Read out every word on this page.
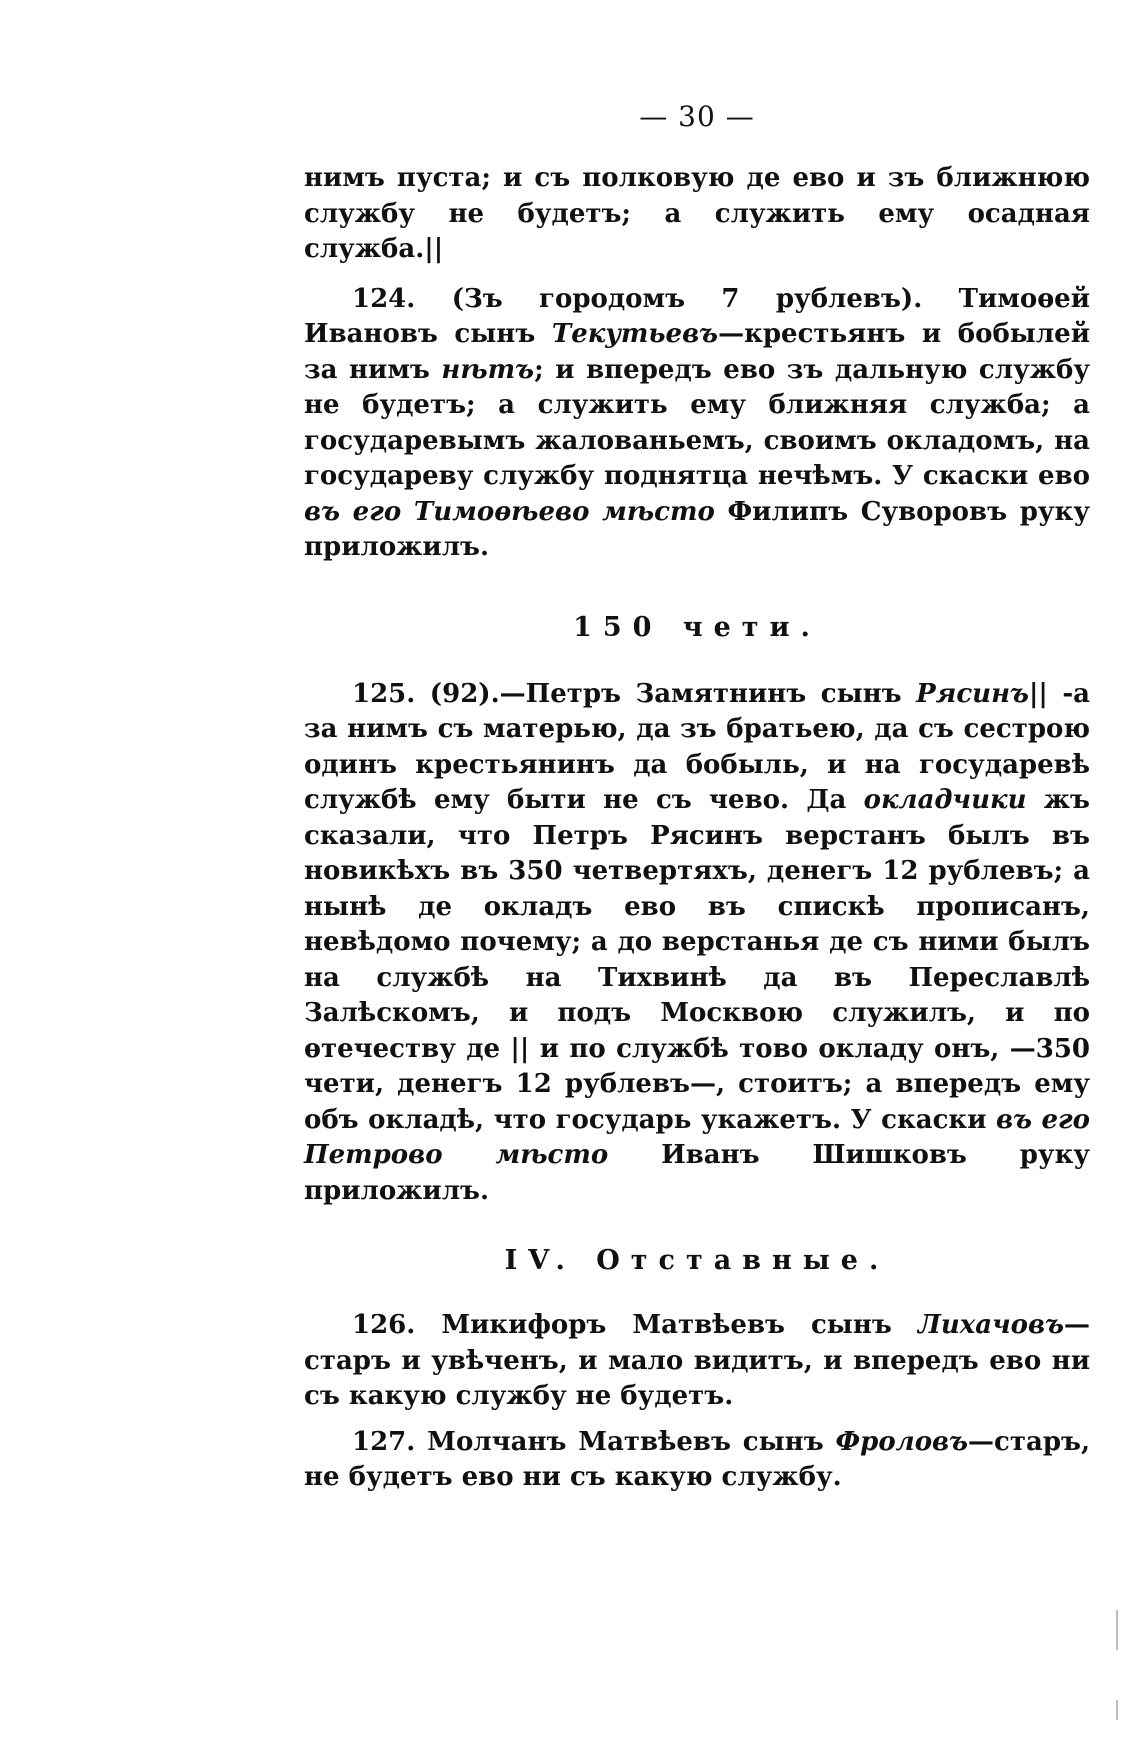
— 30 —

нимъ пуста; и съ полковую де ево и зъ ближнюю службу не будетъ; а служить ему осадная служба.||

124. (Зъ городомъ 7 рублевъ). Тимоѳей Ивановъ сынъ Текутьевъ—крестьянъ и бобылей за нимъ нѣтъ; и впередъ ево зъ дальную службу не будетъ; а служить ему ближняя служба; а государевымъ жалованьемъ, своимъ окладомъ, на государеву службу поднятца нечѣмъ. У скаски ево въ его Тимоѳѣево мѣсто Филипъ Суворовъ руку приложилъ.

150 чети.

125. (92).—Петръ Замятнинъ сынъ Рясинъ|| -а за нимъ съ матерью, да зъ братьею, да съ сестрою одинъ крестьянинъ да бобыль, и на государевѣ службѣ ему быти не съ чево. Да окладчики жъ сказали, что Петръ Рясинъ верстанъ былъ въ новикѣхъ въ 350 четвертяхъ, денегъ 12 рублевъ; а нынѣ де окладъ ево въ спискѣ прописанъ, невѣдомо почему; а до верстанья де съ ними былъ на службѣ на Тихвинѣ да въ Переславлѣ Залѣскомъ, и подъ Москвою служилъ, и по ѳтечеству де || и по службѣ тово окладу онъ, —350 чети, денегъ 12 рублевъ—, стоитъ; а впередъ ему объ окладѣ, что государь укажетъ. У скаски въ его Петрово мѣсто Иванъ Шишковъ руку приложилъ.

IV. Отставные.

126. Микифоръ Матвѣевъ сынъ Лихачовъ—старъ и увѣченъ, и мало видитъ, и впередъ ево ни съ какую службу не будетъ.

127. Молчанъ Матвѣевъ сынъ Фроловъ—старъ, не будетъ ево ни съ какую службу.
